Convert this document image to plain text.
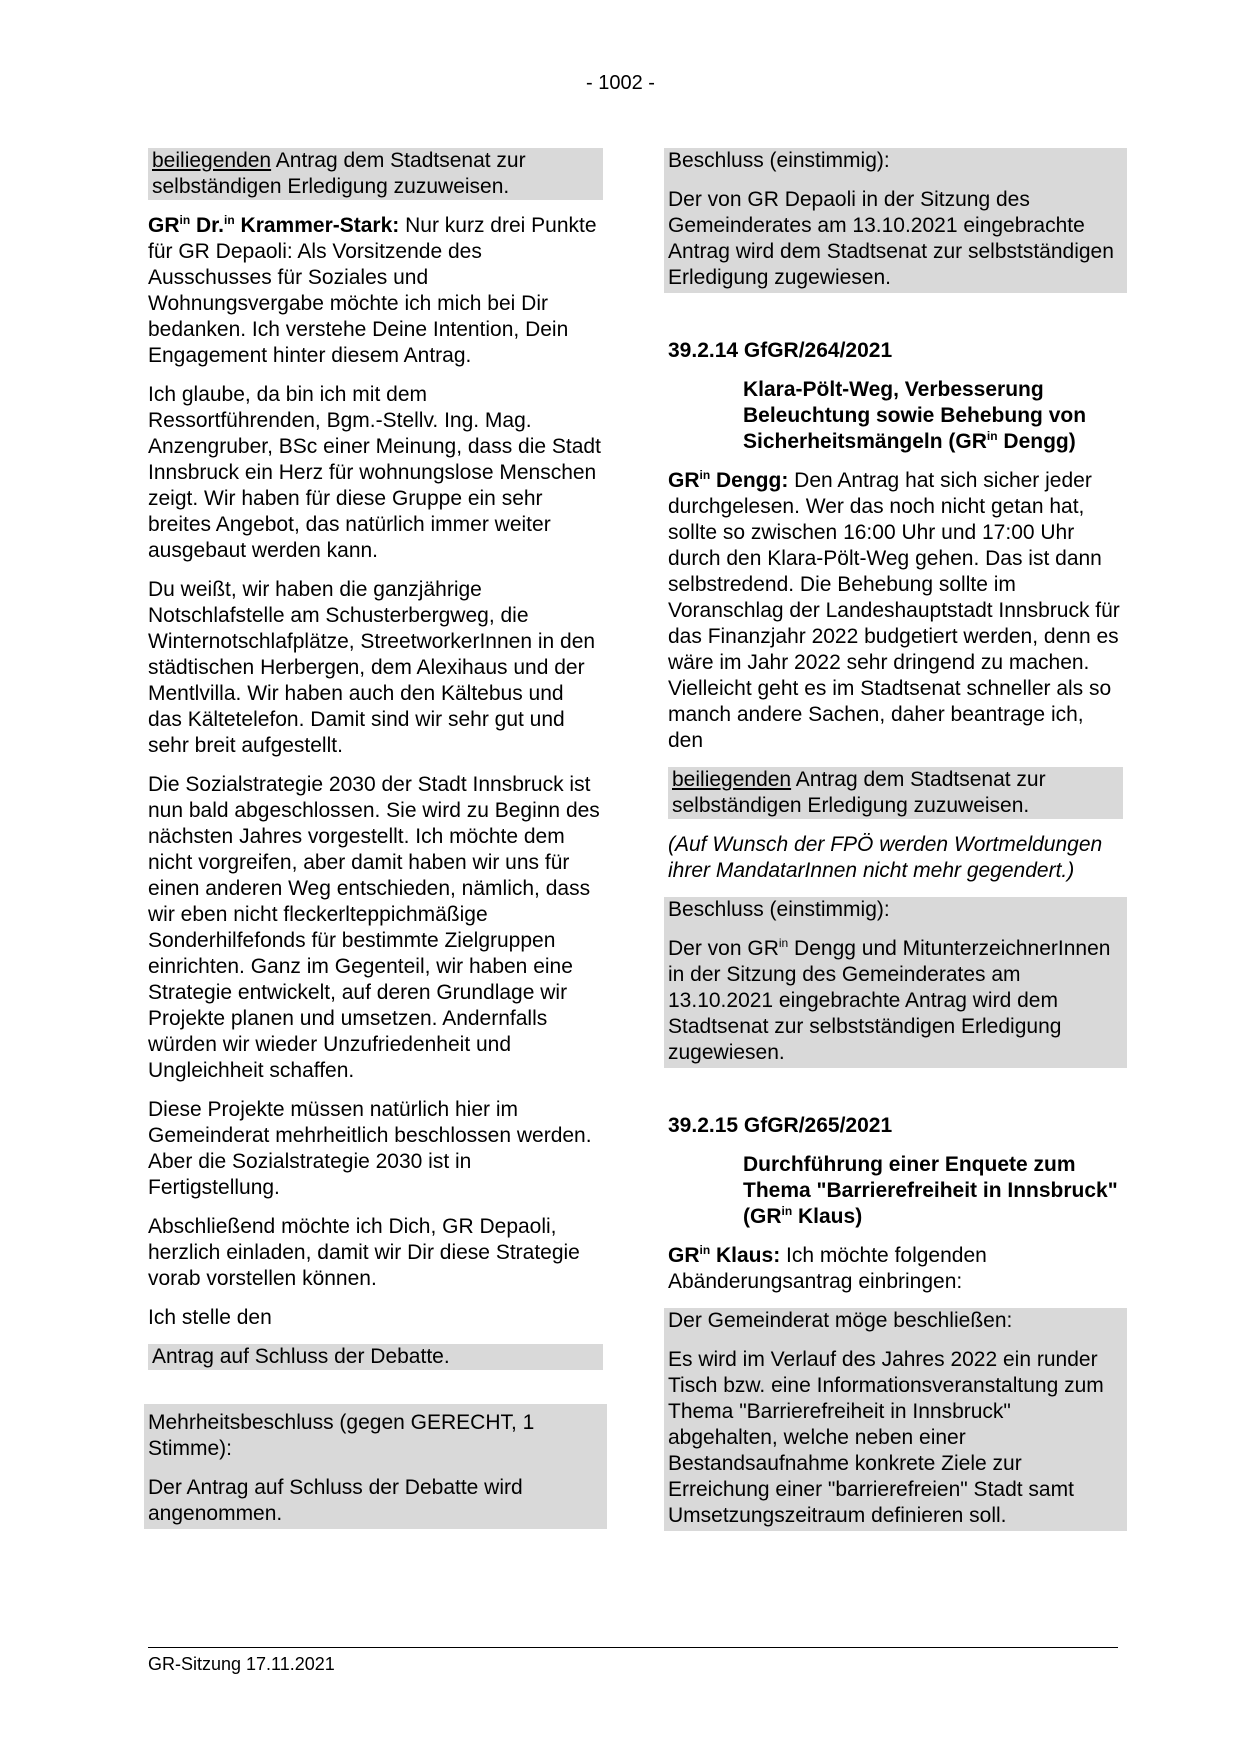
- 1002 -

beiliegenden Antrag dem Stadtsenat zur selbständigen Erledigung zuzuweisen.

$GR^{in}$ Dr.$^{in}$ Krammer-Stark: Nur kurz drei Punkte für GR Depaoli: Als Vorsitzende des Ausschusses für Soziales und Wohnungsvergabe möchte ich mich bei Dir bedanken. Ich verstehe Deine Intention, Dein Engagement hinter diesem Antrag.

Ich glaube, da bin ich mit dem Ressortführenden, Bgm.-Stellv. Ing. Mag. Anzengruber, BSc einer Meinung, dass die Stadt Innsbruck ein Herz für wohnungslose Menschen zeigt. Wir haben für diese Gruppe ein sehr breites Angebot, das natürlich immer weiter ausgebaut werden kann.

Du weißt, wir haben die ganzjährige Notschlafstelle am Schusterbergweg, die Winternotschlafplätze, StreetworkerInnen in den städtischen Herbergen, dem Alexihaus und der Mentlvilla. Wir haben auch den Kältebus und das Kältetelefon. Damit sind wir sehr gut und sehr breit aufgestellt.

Die Sozialstrategie 2030 der Stadt Innsbruck ist nun bald abgeschlossen. Sie wird zu Beginn des nächsten Jahres vorgestellt. Ich möchte dem nicht vorgreifen, aber damit haben wir uns für einen anderen Weg entschieden, nämlich, dass wir eben nicht fleckerlteppichmäßige Sonderhilfefonds für bestimmte Zielgruppen einrichten. Ganz im Gegenteil, wir haben eine Strategie entwickelt, auf deren Grundlage wir Projekte planen und umsetzen. Andernfalls würden wir wieder Unzufriedenheit und Ungleichheit schaffen.

Diese Projekte müssen natürlich hier im Gemeinderat mehrheitlich beschlossen werden. Aber die Sozialstrategie 2030 ist in Fertigstellung.

Abschließend möchte ich Dich, GR Depaoli, herzlich einladen, damit wir Dir diese Strategie vorab vorstellen können.

Ich stelle den

Antrag auf Schluss der Debatte.

Mehrheitsbeschluss (gegen GERECHT, 1 Stimme):

Der Antrag auf Schluss der Debatte wird angenommen.

Beschluss (einstimmig):

Der von GR Depaoli in der Sitzung des Gemeinderates am 13.10.2021 eingebrachte Antrag wird dem Stadtsenat zur selbstständigen Erledigung zugewiesen.

39.2.14 GfGR/264/2021

Klara-Pölt-Weg, Verbesserung Beleuchtung sowie Behebung von Sicherheitsmängeln ($GR^{in}$ Dengg)

$GR^{in}$ Dengg: Den Antrag hat sich sicher jeder durchgelesen. Wer das noch nicht getan hat, sollte so zwischen 16:00 Uhr und 17:00 Uhr durch den Klara-Pölt-Weg gehen. Das ist dann selbstredend. Die Behebung sollte im Voranschlag der Landeshauptstadt Innsbruck für das Finanzjahr 2022 budgetiert werden, denn es wäre im Jahr 2022 sehr dringend zu machen. Vielleicht geht es im Stadtsenat schneller als so manch andere Sachen, daher beantrage ich, den

beiliegenden Antrag dem Stadtsenat zur selbständigen Erledigung zuzuweisen.

(Auf Wunsch der FPÖ werden Wortmeldungen ihrer MandatarInnen nicht mehr gegendert.)

Beschluss (einstimmig):

Der von $GR^{in}$ Dengg und MitunterzeichnerInnen in der Sitzung des Gemeinderates am 13.10.2021 eingebrachte Antrag wird dem Stadtsenat zur selbstständigen Erledigung zugewiesen.

39.2.15 GfGR/265/2021

Durchführung einer Enquete zum Thema "Barrierefreiheit in Innsbruck" ($GR^{in}$ Klaus)

$GR^{in}$ Klaus: Ich möchte folgenden Abänderungsantrag einbringen:

Der Gemeinderat möge beschließen:

Es wird im Verlauf des Jahres 2022 ein runder Tisch bzw. eine Informationsveranstaltung zum Thema "Barrierefreiheit in Innsbruck" abgehalten, welche neben einer Bestandsaufnahme konkrete Ziele zur Erreichung einer "barrierefreien" Stadt samt Umsetzungszeitraum definieren soll.

GR-Sitzung 17.11.2021
